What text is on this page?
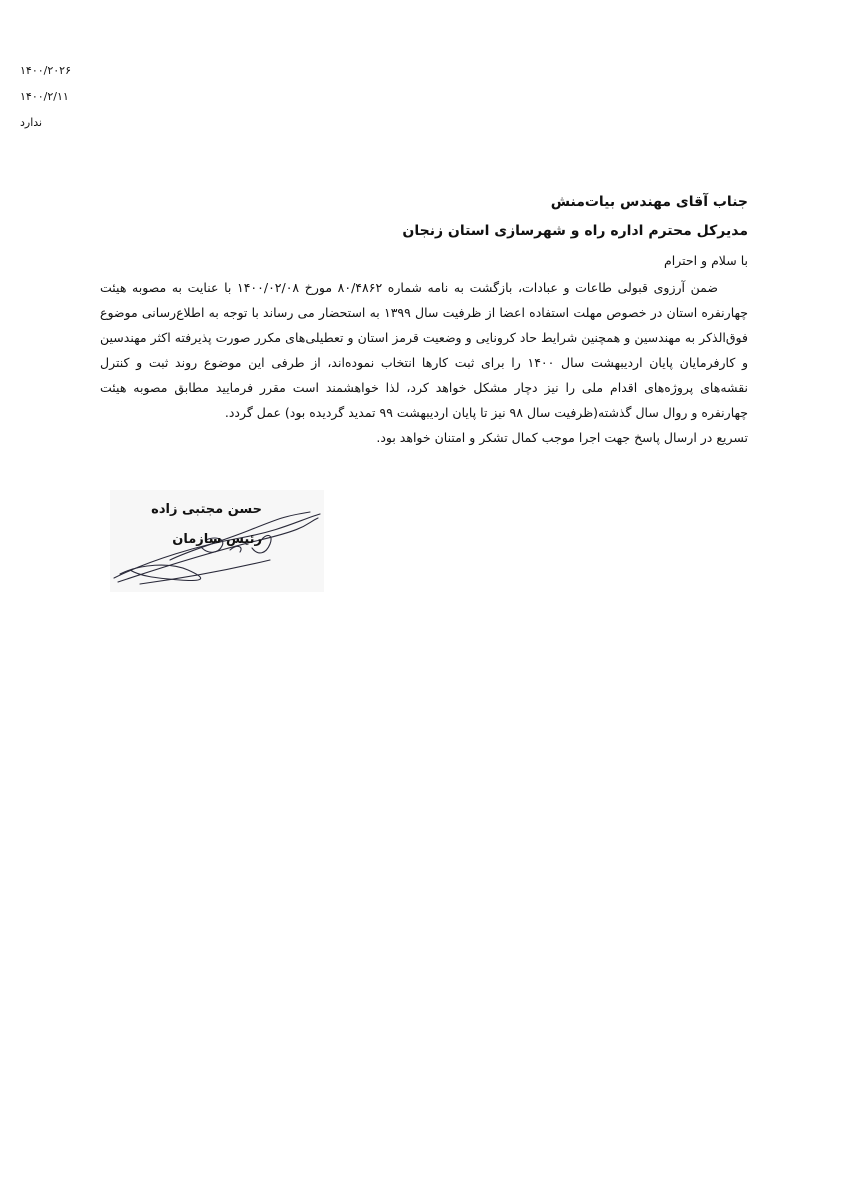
۱۴۰۰/۲۰۲۶
۱۴۰۰/۲/۱۱
ندارد
جناب آقای مهندس بیات‌منش
مدیرکل محترم اداره راه و شهرسازی استان زنجان
با سلام و احترام

ضمن آرزوی قبولی طاعات و عبادات، بازگشت به نامه شماره ۸۰/۴۸۶۲ مورخ ۱۴۰۰/۰۲/۰۸ با عنایت به مصوبه هیئت چهارنفره استان در خصوص مهلت استفاده اعضا از ظرفیت سال ۱۳۹۹ به استحضار می رساند با توجه به اطلاع‌رسانی موضوع فوق‌الذکر به مهندسین و همچنین شرایط حاد کرونایی و وضعیت قرمز استان و تعطیلی‌های مکرر صورت پذیرفته اکثر مهندسین و کارفرمایان پایان اردیبهشت سال ۱۴۰۰ را برای ثبت کارها انتخاب نموده‌اند، از طرفی این موضوع روند ثبت و کنترل نقشه‌های پروژه‌های اقدام ملی را نیز دچار مشکل خواهد کرد، لذا خواهشمند است مقرر فرمایید مطابق مصوبه هیئت چهارنفره و روال سال گذشته(ظرفیت سال ۹۸ نیز تا پایان اردیبهشت ۹۹ تمدید گردیده بود) عمل گردد.

تسریع در ارسال پاسخ جهت اجرا موجب کمال تشکر و امتنان خواهد بود.

حسن مجتبی زاده
رئیس سازمان
